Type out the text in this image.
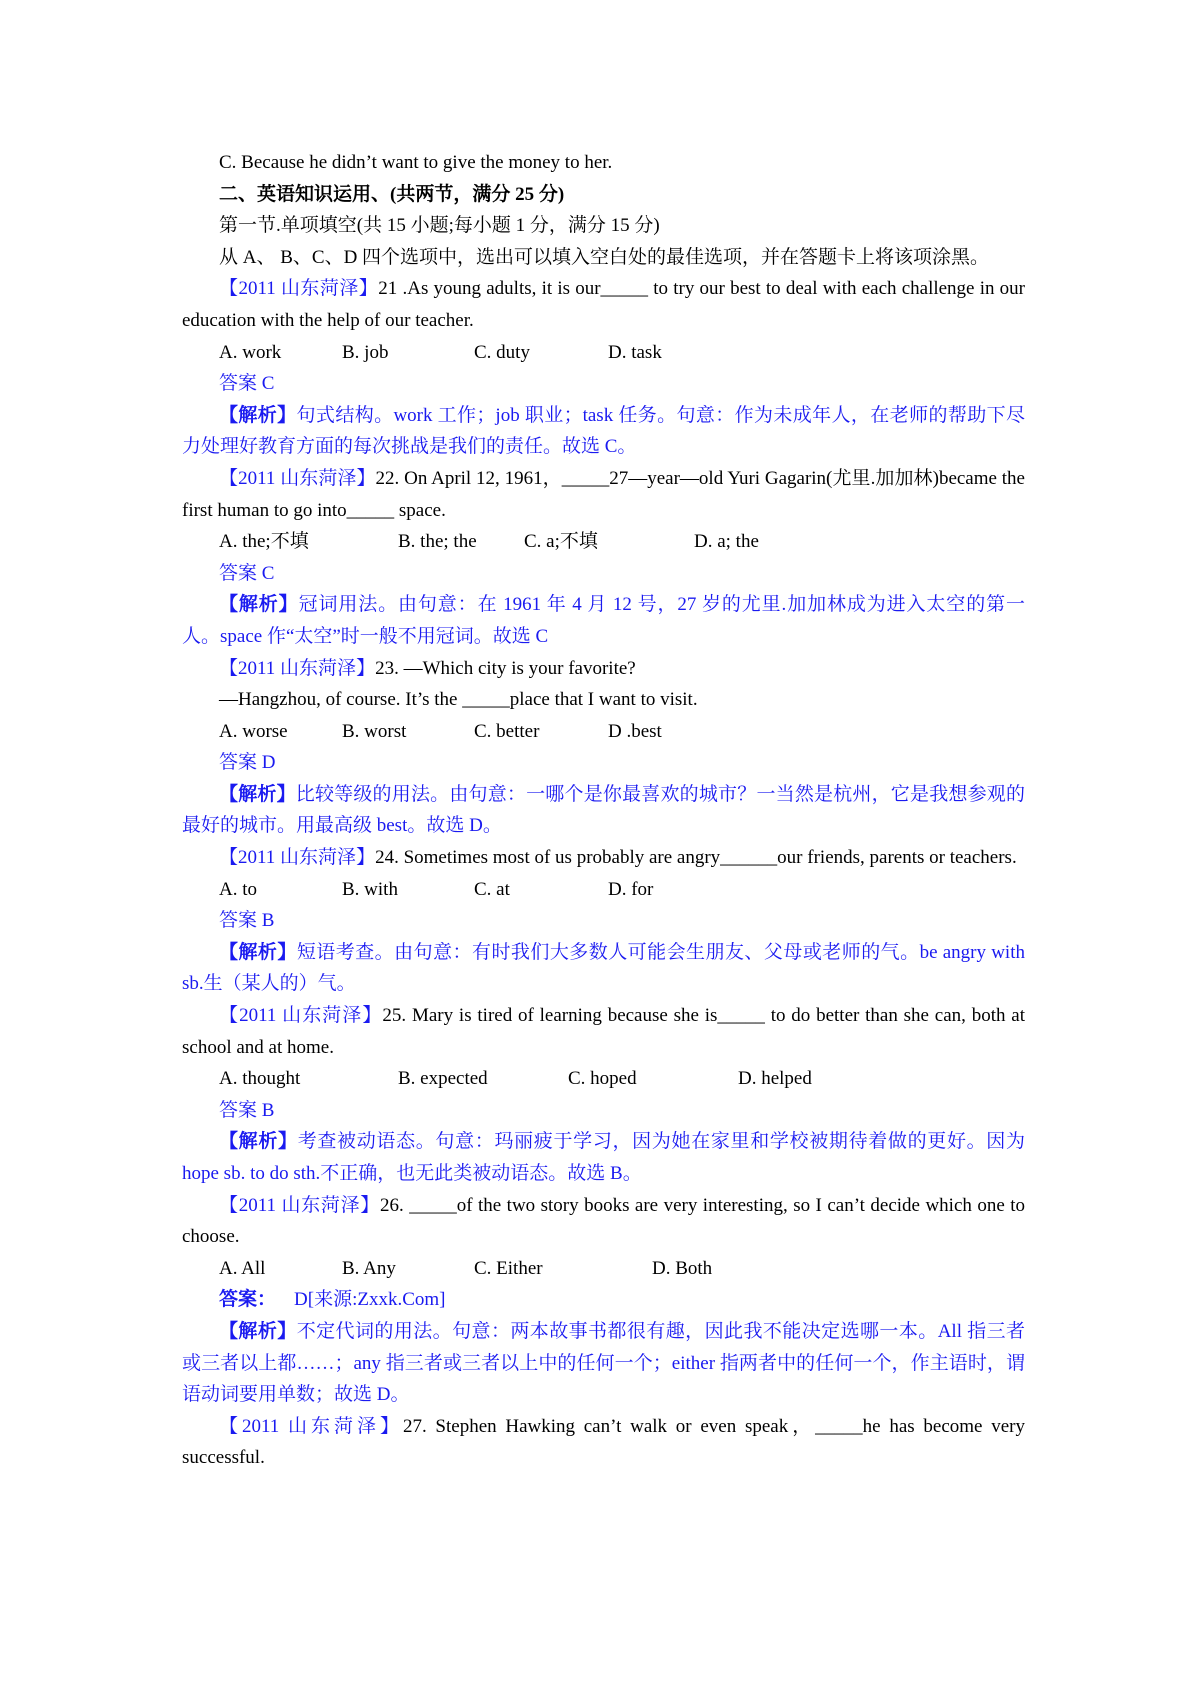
C. Because he didn’t want to give the money to her.

二、英语知识运用、(共两节，满分 25 分)

第一节.单项填空(共 15 小题;每小题 1 分，满分 15 分)

从 A、 B、C、D 四个选项中，选出可以填入空白处的最佳选项，并在答题卡上将该项涂黑。

【2011 山东菏泽】21 .As young adults, it is our_____ to try our best to deal with each challenge in our education with the help of our teacher.

A. work	B. job	C. duty	D. task

答案 C

【解析】句式结构。work 工作；job 职业；task 任务。句意：作为未成年人，在老师的帮助下尽力处理好教育方面的每次挑战是我们的责任。故选 C。

【2011 山东菏泽】22. On April 12, 1961，_____27—year—old Yuri Gagarin(尤里.加加林)became the first human to go into_____ space.

A. the;不填	B. the; the C. a;不填	D. a; the

答案 C

【解析】冠词用法。由句意：在 1961 年 4 月 12 号，27 岁的尤里.加加林成为进入太空的第一人。space 作“太空”时一般不用冠词。故选 C

【2011 山东菏泽】23. —Which city is your favorite?

—Hangzhou, of course. It’s the _____place that I want to visit.

A. worse	B. worst	C. better	D .best

答案 D

【解析】比较等级的用法。由句意：一哪个是你最喜欢的城市？一当然是杭州，它是我想参观的最好的城市。用最高级 best。故选 D。

【2011 山东菏泽】24. Sometimes most of us probably are angry______our friends, parents or teachers.

A. to	B. with	C. at	D. for

答案 B

【解析】短语考查。由句意：有时我们大多数人可能会生朋友、父母或老师的气。be angry with sb.生（某人的）气。

【2011 山东菏泽】25. Mary is tired of learning because she is_____ to do better than she can, both at school and at home.

A. thought	B. expected	C. hoped	D. helped

答案 B

【解析】考查被动语态。句意：玛丽疲于学习，因为她在家里和学校被期待着做的更好。因为 hope sb. to do sth.不正确，也无此类被动语态。故选 B。

【2011 山东菏泽】26. _____of the two story books are very interesting, so I can’t decide which one to choose.

A. All	B. Any	C. Either	D. Both

答案： D[来源:Zxxk.Com]

【解析】不定代词的用法。句意：两本故事书都很有趣，因此我不能决定选哪一本。All 指三者或三者以上都……；any 指三者或三者以上中的任何一个；either 指两者中的任何一个，作主语时，谓语动词要用单数；故选 D。

【2011 山东菏泽】27. Stephen Hawking can’t walk or even speak，_____he has become very successful.
